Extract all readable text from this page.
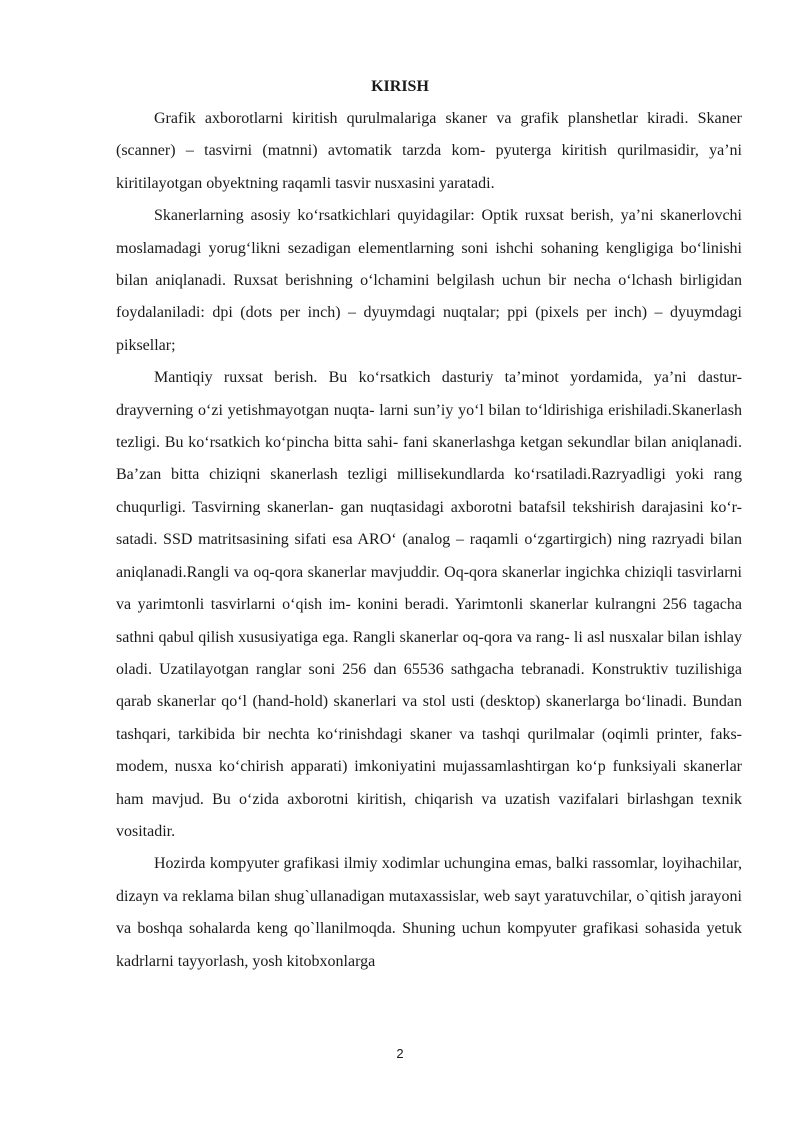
KIRISH

Grafik axborotlarni kiritish qurulmalariga skaner va grafik planshetlar kiradi. Skaner (scanner) – tasvirni (matnni) avtomatik tarzda kom- pyuterga kiritish qurilmasidir, ya’ni kiritilayotgan obyektning raqamli tasvir nusxasini yaratadi.

Skanerlarning asosiy ko‘rsatkichlari quyidagilar: Optik ruxsat berish, ya’ni skanerlovchi moslamadagi yorug‘likni sezadigan elementlarning soni ishchi sohaning kengligiga bo‘linishi bilan aniqlanadi. Ruxsat berishning o‘lchamini belgilash uchun bir necha o‘lchash birligidan foydalaniladi: dpi (dots per inch) – dyuymdagi nuqtalar; ppi (pixels per inch) – dyuymdagi piksellar;

Mantiqiy ruxsat berish. Bu ko‘rsatkich dasturiy ta’minot yordamida, ya’ni dastur-drayverning o‘zi yetishmayotgan nuqta- larni sun’iy yo‘l bilan to‘ldirishiga erishiladi.Skanerlash tezligi. Bu ko‘rsatkich ko‘pincha bitta sahi- fani skanerlashga ketgan sekundlar bilan aniqlanadi. Ba’zan bitta chiziqni skanerlash tezligi millisekundlarda ko‘rsatiladi.Razryadligi yoki rang chuqurligi. Tasvirning skanerlan- gan nuqtasidagi axborotni batafsil tekshirish darajasini ko‘r- satadi. SSD matritsasining sifati esa ARO‘ (analog – raqamli o‘zgartirgich) ning razryadi bilan aniqlanadi.Rangli va oq-qora skanerlar mavjuddir. Oq-qora skanerlar ingichka chiziqli tasvirlarni va yarimtonli tasvirlarni o‘qish im- konini beradi. Yarimtonli skanerlar kulrangni 256 tagacha sathni qabul qilish xususiyatiga ega. Rangli skanerlar oq-qora va rang- li asl nusxalar bilan ishlay oladi. Uzatilayotgan ranglar soni 256 dan 65536 sathgacha tebranadi. Konstruktiv tuzilishiga qarab skanerlar qo‘l (hand-hold) skanerlari va stol usti (desktop) skanerlarga bo‘linadi. Bundan tashqari, tarkibida bir nechta ko‘rinishdagi skaner va tashqi qurilmalar (oqimli printer, faks-modem, nusxa ko‘chirish apparati) imkoniyatini mujassamlashtirgan ko‘p funksiyali skanerlar ham mavjud. Bu o‘zida axborotni kiritish, chiqarish va uzatish vazifalari birlashgan texnik vositadir.

Hozirda kompyuter grafikasi ilmiy xodimlar uchungina emas, balki rassomlar, loyihachilar, dizayn va reklama bilan shug`ullanadigan mutaxassislar, web sayt yaratuvchilar, o`qitish jarayoni va boshqa sohalarda keng qo`llanilmoqda. Shuning uchun kompyuter grafikasi sohasida yetuk kadrlarni tayyorlash, yosh kitobxonlarga

2
